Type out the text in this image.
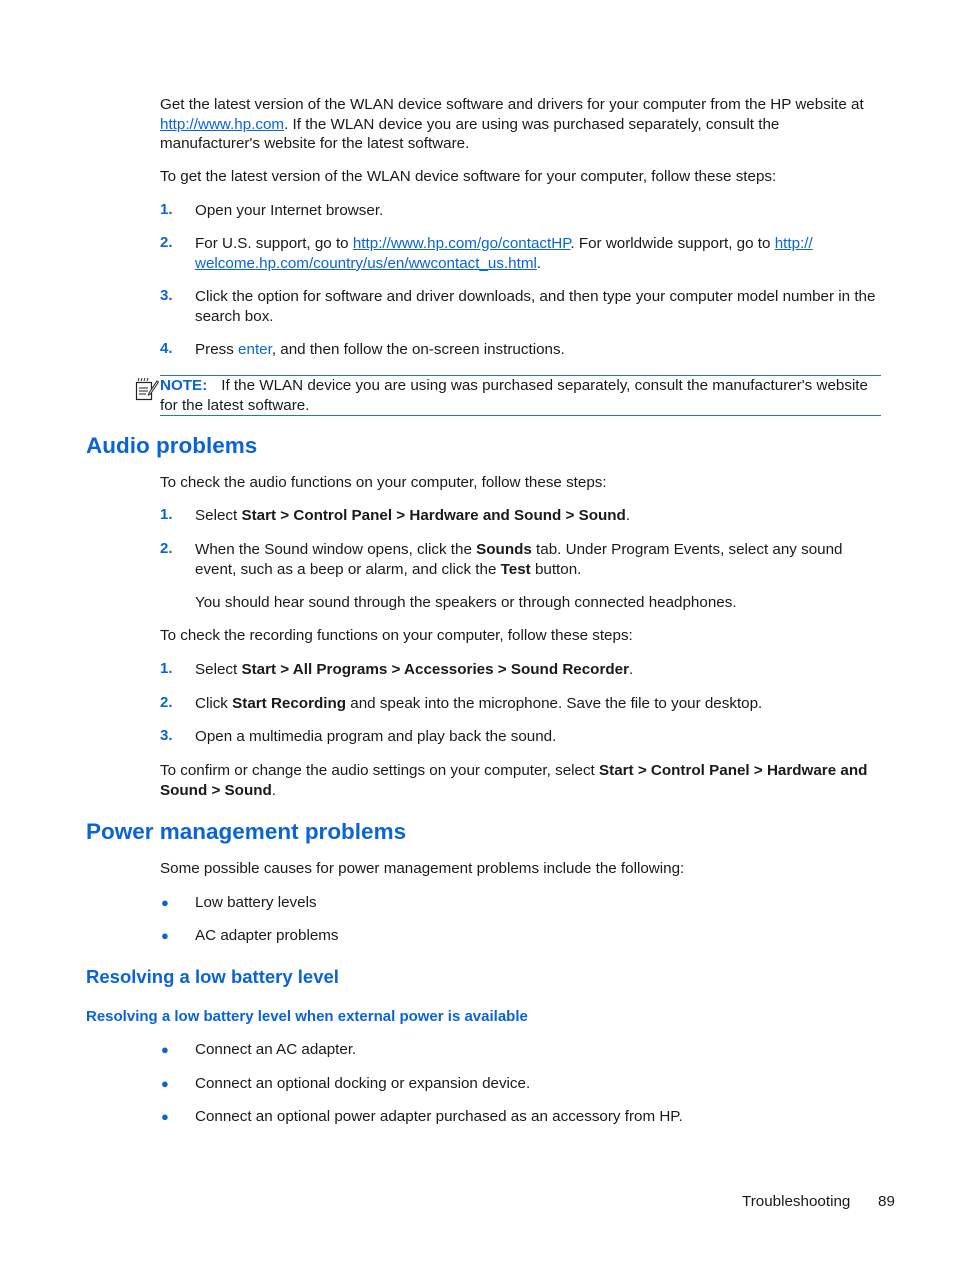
Get the latest version of the WLAN device software and drivers for your computer from the HP website at http://www.hp.com. If the WLAN device you are using was purchased separately, consult the manufacturer's website for the latest software.
To get the latest version of the WLAN device software for your computer, follow these steps:
1. Open your Internet browser.
2. For U.S. support, go to http://www.hp.com/go/contactHP. For worldwide support, go to http://
welcome.hp.com/country/us/en/wwcontact_us.html.
3. Click the option for software and driver downloads, and then type your computer model number in the search box.
4. Press enter, and then follow the on-screen instructions.
NOTE: If the WLAN device you are using was purchased separately, consult the manufacturer's website for the latest software.
Audio problems
To check the audio functions on your computer, follow these steps:
1. Select Start > Control Panel > Hardware and Sound > Sound.
2. When the Sound window opens, click the Sounds tab. Under Program Events, select any sound event, such as a beep or alarm, and click the Test button.
You should hear sound through the speakers or through connected headphones.
To check the recording functions on your computer, follow these steps:
1. Select Start > All Programs > Accessories > Sound Recorder.
2. Click Start Recording and speak into the microphone. Save the file to your desktop.
3. Open a multimedia program and play back the sound.
To confirm or change the audio settings on your computer, select Start > Control Panel > Hardware and Sound > Sound.
Power management problems
Some possible causes for power management problems include the following:
● Low battery levels
● AC adapter problems
Resolving a low battery level
Resolving a low battery level when external power is available
● Connect an AC adapter.
● Connect an optional docking or expansion device.
● Connect an optional power adapter purchased as an accessory from HP.
Troubleshooting 89
